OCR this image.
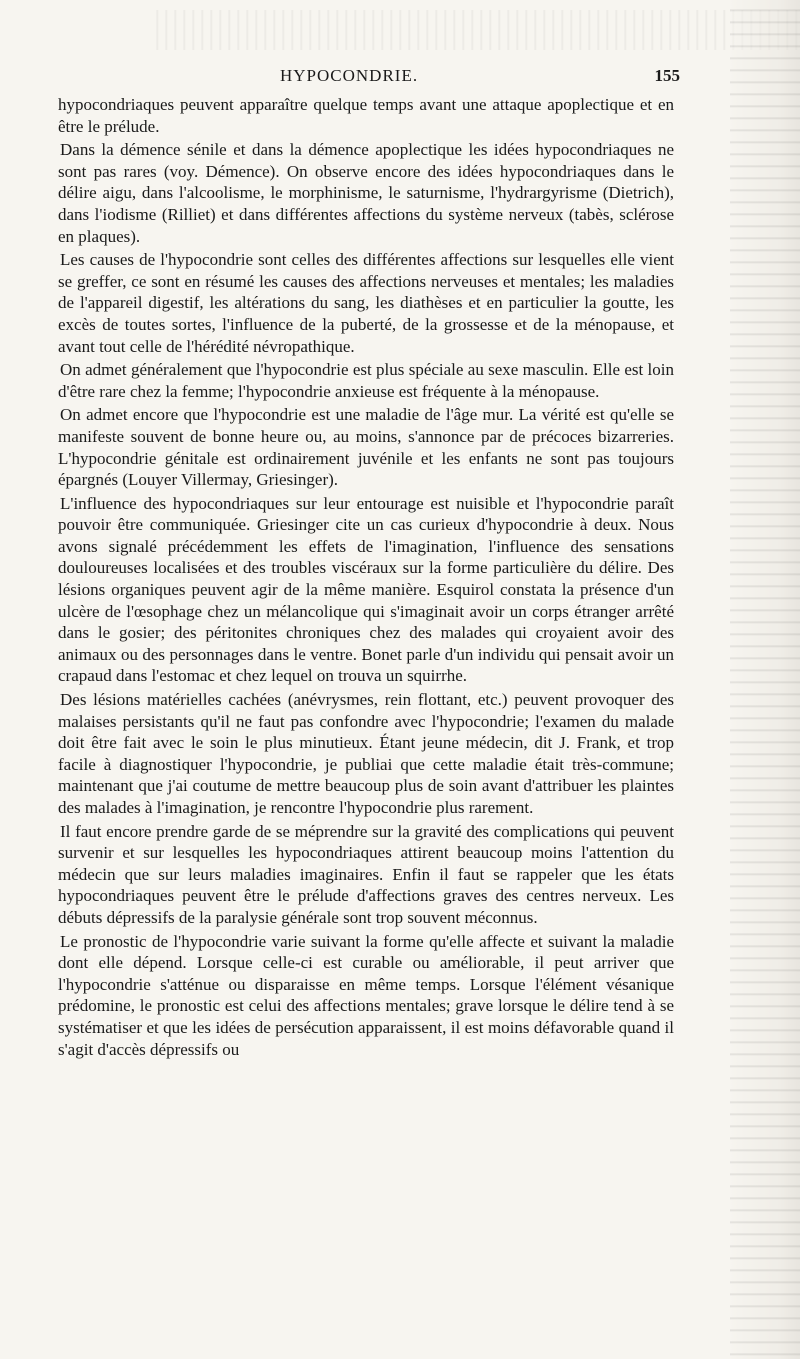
HYPOCONDRIE.	155

hypocondriaques peuvent apparaître quelque temps avant une attaque apoplectique et en être le prélude.

Dans la démence sénile et dans la démence apoplectique les idées hypocondriaques ne sont pas rares (voy. Démence). On observe encore des idées hypocondriaques dans le délire aigu, dans l'alcoolisme, le morphinisme, le saturnisme, l'hydrargyrisme (Dietrich), dans l'iodisme (Rilliet) et dans différentes affections du système nerveux (tabès, sclérose en plaques).

Les causes de l'hypocondrie sont celles des différentes affections sur lesquelles elle vient se greffer, ce sont en résumé les causes des affections nerveuses et mentales; les maladies de l'appareil digestif, les altérations du sang, les diathèses et en particulier la goutte, les excès de toutes sortes, l'influence de la puberté, de la grossesse et de la ménopause, et avant tout celle de l'hérédité névropathique.

On admet généralement que l'hypocondrie est plus spéciale au sexe masculin. Elle est loin d'être rare chez la femme; l'hypocondrie anxieuse est fréquente à la ménopause.

On admet encore que l'hypocondrie est une maladie de l'âge mur. La vérité est qu'elle se manifeste souvent de bonne heure ou, au moins, s'annonce par de précoces bizarreries. L'hypocondrie génitale est ordinairement juvénile et les enfants ne sont pas toujours épargnés (Louyer Villermay, Griesinger).

L'influence des hypocondriaques sur leur entourage est nuisible et l'hypocondrie paraît pouvoir être communiquée. Griesinger cite un cas curieux d'hypocondrie à deux. Nous avons signalé précédemment les effets de l'imagination, l'influence des sensations douloureuses localisées et des troubles viscéraux sur la forme particulière du délire. Des lésions organiques peuvent agir de la même manière. Esquirol constata la présence d'un ulcère de l'œsophage chez un mélancolique qui s'imaginait avoir un corps étranger arrêté dans le gosier; des péritonites chroniques chez des malades qui croyaient avoir des animaux ou des personnages dans le ventre. Bonet parle d'un individu qui pensait avoir un crapaud dans l'estomac et chez lequel on trouva un squirrhe.

Des lésions matérielles cachées (anévrysmes, rein flottant, etc.) peuvent provoquer des malaises persistants qu'il ne faut pas confondre avec l'hypocondrie; l'examen du malade doit être fait avec le soin le plus minutieux. Étant jeune médecin, dit J. Frank, et trop facile à diagnostiquer l'hypocondrie, je publiai que cette maladie était très-commune; maintenant que j'ai coutume de mettre beaucoup plus de soin avant d'attribuer les plaintes des malades à l'imagination, je rencontre l'hypocondrie plus rarement.

Il faut encore prendre garde de se méprendre sur la gravité des complications qui peuvent survenir et sur lesquelles les hypocondriaques attirent beaucoup moins l'attention du médecin que sur leurs maladies imaginaires. Enfin il faut se rappeler que les états hypocondriaques peuvent être le prélude d'affections graves des centres nerveux. Les débuts dépressifs de la paralysie générale sont trop souvent méconnus.

Le pronostic de l'hypocondrie varie suivant la forme qu'elle affecte et suivant la maladie dont elle dépend. Lorsque celle-ci est curable ou améliorable, il peut arriver que l'hypocondrie s'atténue ou disparaisse en même temps. Lorsque l'élément vésanique prédomine, le pronostic est celui des affections mentales; grave lorsque le délire tend à se systématiser et que les idées de persécution apparaissent, il est moins défavorable quand il s'agit d'accès dépressifs ou
